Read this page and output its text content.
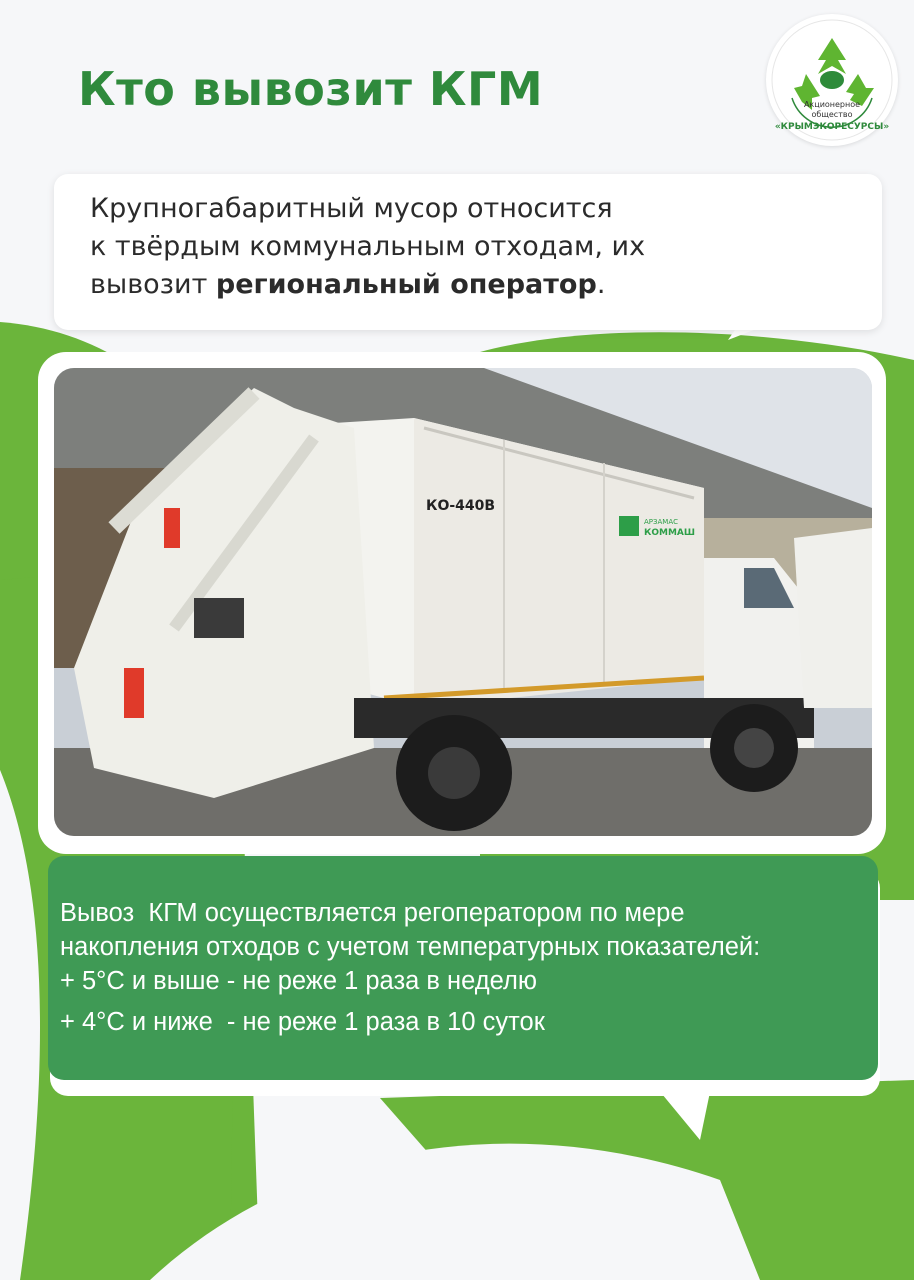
Кто вывозит КГМ	Акционерное
общество
«КРЫМЭКОРЕСУРСЫ»

Крупногабаритный мусор относится
к твёрдым коммунальным отходам, их
вывозит региональный оператор.

КО-440В
АРЗАМАС
КОММАШ

Вывоз  КГМ осуществляется регоператором по мере

накопления отходов с учетом температурных показателей:

+ 5°С и выше - не реже 1 раза в неделю

+ 4°С и ниже  - не реже 1 раза в 10 суток
